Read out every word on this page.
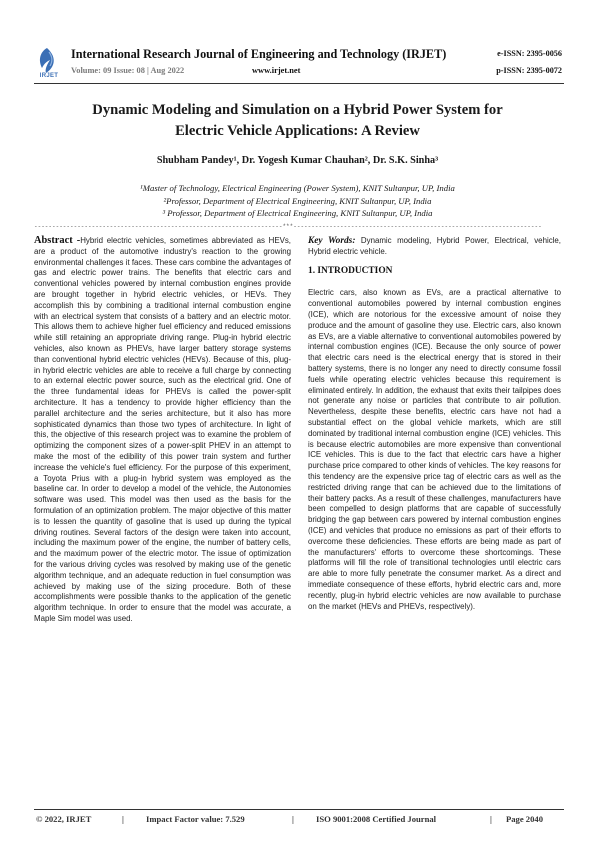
IRJET
International Research Journal of Engineering and Technology (IRJET)
Volume: 09 Issue: 08 | Aug 2022	www.irjet.net
e-ISSN: 2395-0056
p-ISSN: 2395-0072
Dynamic Modeling and Simulation on a Hybrid Power System for
Electric Vehicle Applications: A Review
Shubham Pandey¹, Dr. Yogesh Kumar Chauhan², Dr. S.K. Sinha³
¹Master of Technology, Electrical Engineering (Power System), KNIT Sultanpur, UP, India
²Professor, Department of Electrical Engineering, KNIT Sultanpur, UP, India
³ Professor, Department of Electrical Engineering, KNIT Sultanpur, UP, India
---------------------------------------------------------------------***---------------------------------------------------------------------
Abstract -Hybrid electric vehicles, sometimes abbreviated as HEVs, are a product of the automotive industry's reaction to the growing environmental challenges it faces. These cars combine the advantages of gas and electric power trains. The benefits that electric cars and conventional vehicles powered by internal combustion engines provide are brought together in hybrid electric vehicles, or HEVs. They accomplish this by combining a traditional internal combustion engine with an electrical system that consists of a battery and an electric motor. This allows them to achieve higher fuel efficiency and reduced emissions while still retaining an appropriate driving range. Plug-in hybrid electric vehicles, also known as PHEVs, have larger battery storage systems than conventional hybrid electric vehicles (HEVs). Because of this, plug-in hybrid electric vehicles are able to receive a full charge by connecting to an external electric power source, such as the electrical grid. One of the three fundamental ideas for PHEVs is called the power-split architecture. It has a tendency to provide higher efficiency than the parallel architecture and the series architecture, but it also has more sophisticated dynamics than those two types of architecture. In light of this, the objective of this research project was to examine the problem of optimizing the component sizes of a power-split PHEV in an attempt to make the most of the edibility of this power train system and further increase the vehicle's fuel efficiency. For the purpose of this experiment, a Toyota Prius with a plug-in hybrid system was employed as the baseline car. In order to develop a model of the vehicle, the Autonomies software was used. This model was then used as the basis for the formulation of an optimization problem. The major objective of this matter is to lessen the quantity of gasoline that is used up during the typical driving routines. Several factors of the design were taken into account, including the maximum power of the engine, the number of battery cells, and the maximum power of the electric motor. The issue of optimization for the various driving cycles was resolved by making use of the genetic algorithm technique, and an adequate reduction in fuel consumption was achieved by making use of the sizing procedure. Both of these accomplishments were possible thanks to the application of the genetic algorithm technique. In order to ensure that the model was accurate, a Maple Sim model was used.
Key Words: Dynamic modeling, Hybrid Power, Electrical, vehicle, Hybrid electric vehicle.
1. INTRODUCTION

Electric cars, also known as EVs, are a practical alternative to conventional automobiles powered by internal combustion engines (ICE), which are notorious for the excessive amount of noise they produce and the amount of gasoline they use. Electric cars, also known as EVs, are a viable alternative to conventional automobiles powered by internal combustion engines (ICE). Because the only source of power that electric cars need is the electrical energy that is stored in their battery systems, there is no longer any need to directly consume fossil fuels while operating electric vehicles because this requirement is eliminated entirely. In addition, the exhaust that exits their tailpipes does not generate any noise or particles that contribute to air pollution. Nevertheless, despite these benefits, electric cars have not had a substantial effect on the global vehicle markets, which are still dominated by traditional internal combustion engine (ICE) vehicles. This is because electric automobiles are more expensive than conventional ICE vehicles. This is due to the fact that electric cars have a higher purchase price compared to other kinds of vehicles. The key reasons for this tendency are the expensive price tag of electric cars as well as the restricted driving range that can be achieved due to the limitations of their battery packs. As a result of these challenges, manufacturers have been compelled to design platforms that are capable of successfully bridging the gap between cars powered by internal combustion engines (ICE) and vehicles that produce no emissions as part of their efforts to overcome these deficiencies. These efforts are being made as part of the manufacturers' efforts to overcome these shortcomings. These platforms will fill the role of transitional technologies until electric cars are able to more fully penetrate the consumer market. As a direct and immediate consequence of these efforts, hybrid electric cars and, more recently, plug-in hybrid electric vehicles are now available to purchase on the market (HEVs and PHEVs, respectively).

© 2022, IRJET	|	Impact Factor value: 7.529	|	ISO 9001:2008 Certified Journal	| Page 2040
